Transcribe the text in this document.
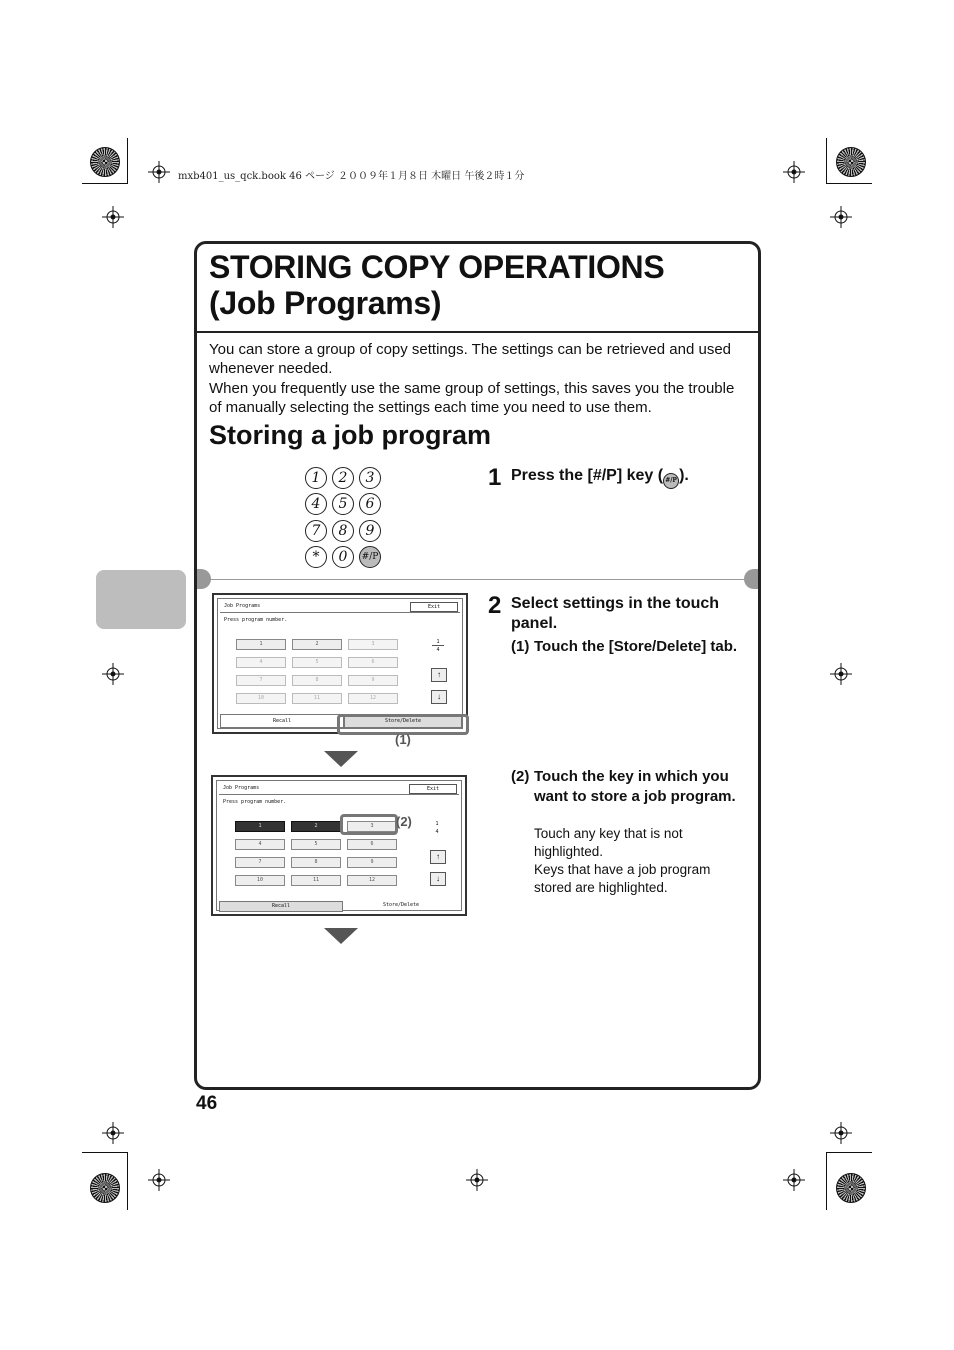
mxb401_us_qck.book 46 ページ ２００９年１月８日 木曜日 午後２時１分
STORING COPY OPERATIONS
(Job Programs)

You can store a group of copy settings. The settings can be retrieved and used whenever needed.

When you frequently use the same group of settings, this saves you the trouble of manually selecting the settings each time you need to use them.

Storing a job program
1	2	3
4	5	6
7	8	9
*	0	#/P
1 Press the [#/P] key ( #/P ).
2 Select settings in the touch panel.
(1) Touch the [Store/Delete] tab.
(2) Touch the key in which you want to store a job program.
Touch any key that is not highlighted.
Keys that have a job program stored are highlighted.
Job Programs	Exit
Press program number.
1	2	3
4	5	6
7	8	9
10	11	12
1
4
↑
↓
Recall	Store/Delete
(1)
Job Programs	Exit
Press program number.
1	2	3
4	5	6
7	8	9
10	11	12
1
4
↑
↓
Recall	Store/Delete
(2)
46
